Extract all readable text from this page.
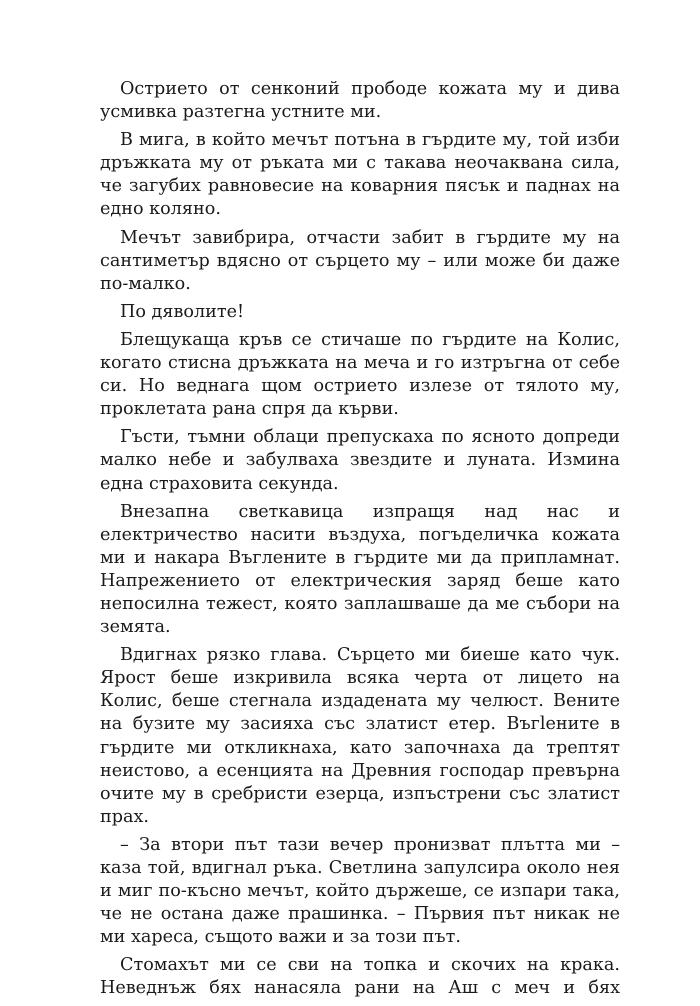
Острието от сенконий прободе кожата му и дива усмивка разтегна устните ми.

В мига, в който мечът потъна в гърдите му, той изби дръжката му от ръката ми с такава неочаквана сила, че загубих равновесие на коварния пясък и паднах на едно коляно.

Мечът завибрира, отчасти забит в гърдите му на сантиметър вдясно от сърцето му – или може би даже по-малко.

По дяволите!

Блещукаща кръв се стичаше по гърдите на Колис, когато стисна дръжката на меча и го изтръгна от себе си. Но веднага щом острието излезе от тялото му, проклетата рана спря да кърви.

Гъсти, тъмни облаци препускаха по ясното допреди малко небе и забулваха звездите и луната. Измина една страховита секунда.

Внезапна светкавица изпращя над нас и електричество насити въздуха, погъделичка кожата ми и накара Въглените в гърдите ми да припламнат. Напрежението от електрическия заряд беше като непосилна тежест, която заплашваше да ме събори на земята.

Вдигнах рязко глава. Сърцето ми биеше като чук. Ярост беше изкривила всяка черта от лицето на Колис, беше стегнала издадената му челюст. Вените на бузите му засияха със златист етер. Въгleните в гърдите ми откликнаха, като започнаха да трептят неистово, а есенцията на Древния господар превърна очите му в сребристи езерца, изпъстрени със златист прах.

– За втори път тази вечер пронизват плътта ми – каза той, вдигнал ръка. Светлина запулсира около нея и миг по-късно мечът, който държеше, се изпари така, че не остана даже прашинка. – Първия път никак не ми хареса, същото важи и за този път.

Стомахът ми се сви на топка и скочих на крака. Неведнъж бях нанасяла рани на Аш с меч и бях
